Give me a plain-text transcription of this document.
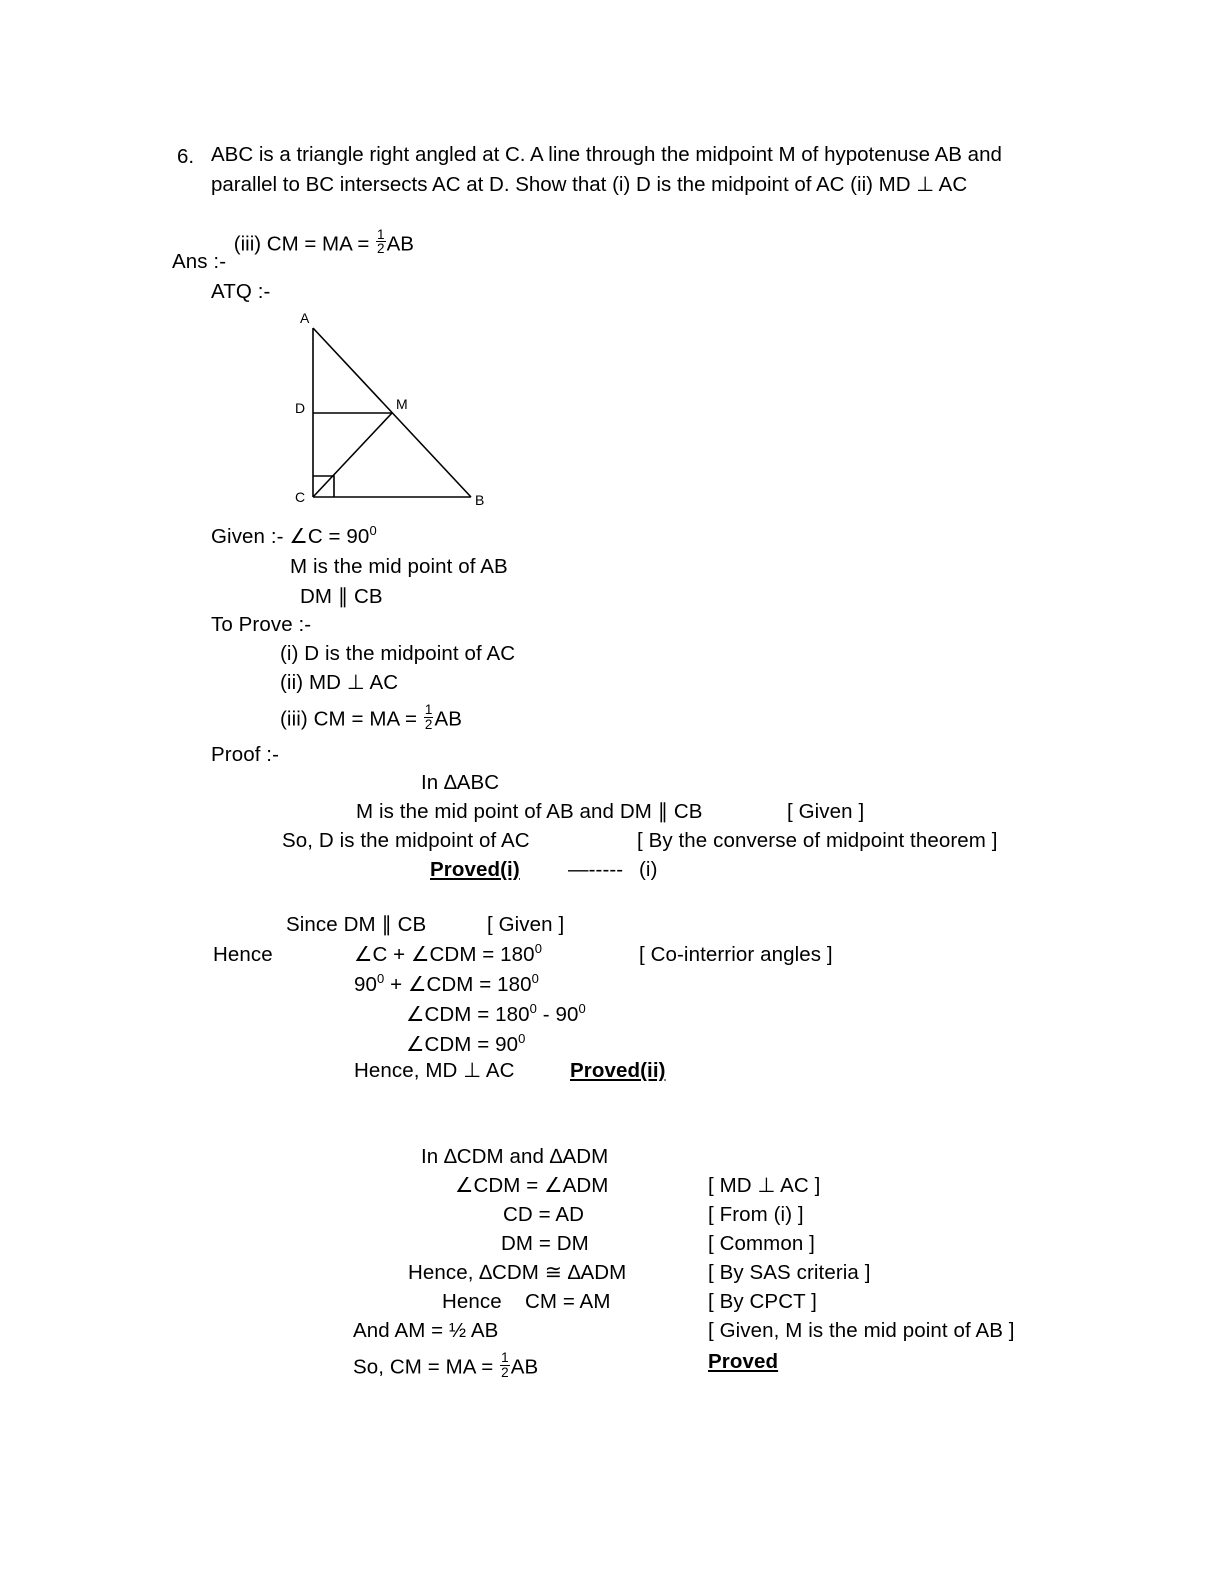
6. ABC is a triangle right angled at C. A line through the midpoint M of hypotenuse AB and
parallel to BC intersects AC at D. Show that (i) D is the midpoint of AC (ii) MD ⊥ AC

(iii) CM = MA = $\frac{1}{2}$ AB

Ans :-
ATQ :-
A
D	M
C	B
Given :- ∠C = $90^0$
M is the mid point of AB
DM ∥ CB
To Prove :-
(i) D is the midpoint of AC
(ii) MD ⊥ AC
(iii) CM = MA = $\frac{1}{2}$ AB
Proof :-
In ∆ABC
M is the mid point of AB and DM ∥ CB	[ Given ]
So, D is the midpoint of AC	[ By the converse of midpoint theorem ]
Proved(i) —----- (i)
Since DM ∥ CB	[ Given ]
Hence	∠C + ∠CDM = $180^0$	[ Co-interrior angles ]
$90^0$ + ∠CDM = $180^0$
∠CDM = $180^0 - 90^0$
∠CDM = $90^0$
Hence, MD ⊥ AC	Proved(ii)
In ∆CDM and ∆ADM
∠CDM = ∠ADM	[ MD ⊥ AC ]
CD = AD	[ From (i) ]
DM = DM	[ Common ]
Hence, ∆CDM ≅ ∆ADM	[ By SAS criteria ]
Hence    CM = AM	[ By CPCT ]
And AM = ½ AB	[ Given, M is the mid point of AB ]
So, CM = MA = $\frac{1}{2}$ AB	Proved
